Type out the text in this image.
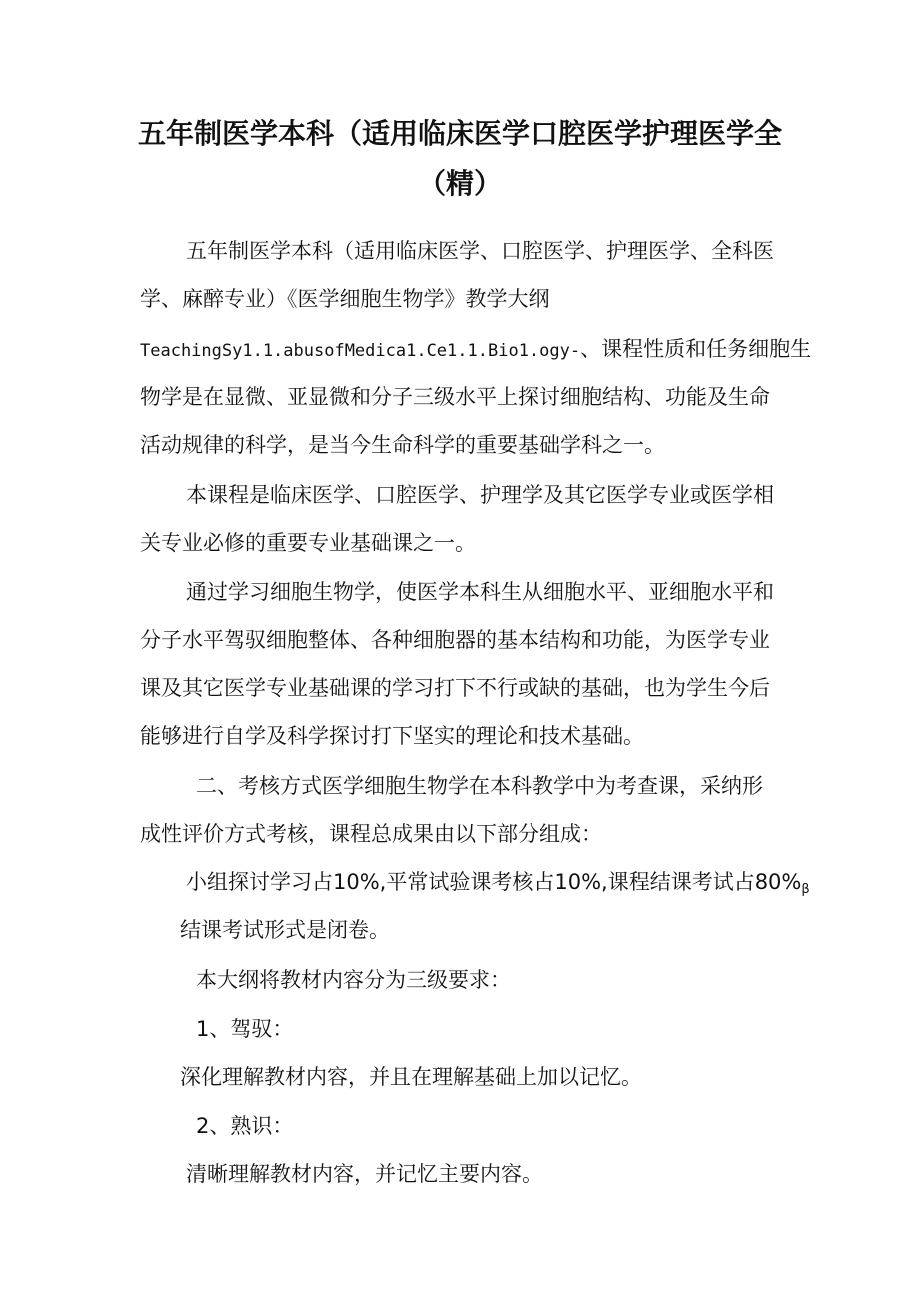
五年制医学本科（适用临床医学口腔医学护理医学全
（精）

五年制医学本科（适用临床医学、口腔医学、护理医学、全科医

学、麻醉专业）《医学细胞生物学》教学大纲

TeachingSy1.1.abusofMedica1.Ce1.1.Bio1.ogy-、课程性质和任务细胞生

物学是在显微、亚显微和分子三级水平上探讨细胞结构、功能及生命

活动规律的科学，是当今生命科学的重要基础学科之一。

本课程是临床医学、口腔医学、护理学及其它医学专业或医学相

关专业必修的重要专业基础课之一。

通过学习细胞生物学，使医学本科生从细胞水平、亚细胞水平和

分子水平驾驭细胞整体、各种细胞器的基本结构和功能，为医学专业

课及其它医学专业基础课的学习打下不行或缺的基础，也为学生今后

能够进行自学及科学探讨打下坚实的理论和技术基础。

二、考核方式医学细胞生物学在本科教学中为考查课，采纳形

成性评价方式考核，课程总成果由以下部分组成：

小组探讨学习占10%,平常试验课考核占10%,课程结课考试占80%β

结课考试形式是闭卷。

本大纲将教材内容分为三级要求：

1、驾驭：

深化理解教材内容，并且在理解基础上加以记忆。

2、熟识：

清晰理解教材内容，并记忆主要内容。
